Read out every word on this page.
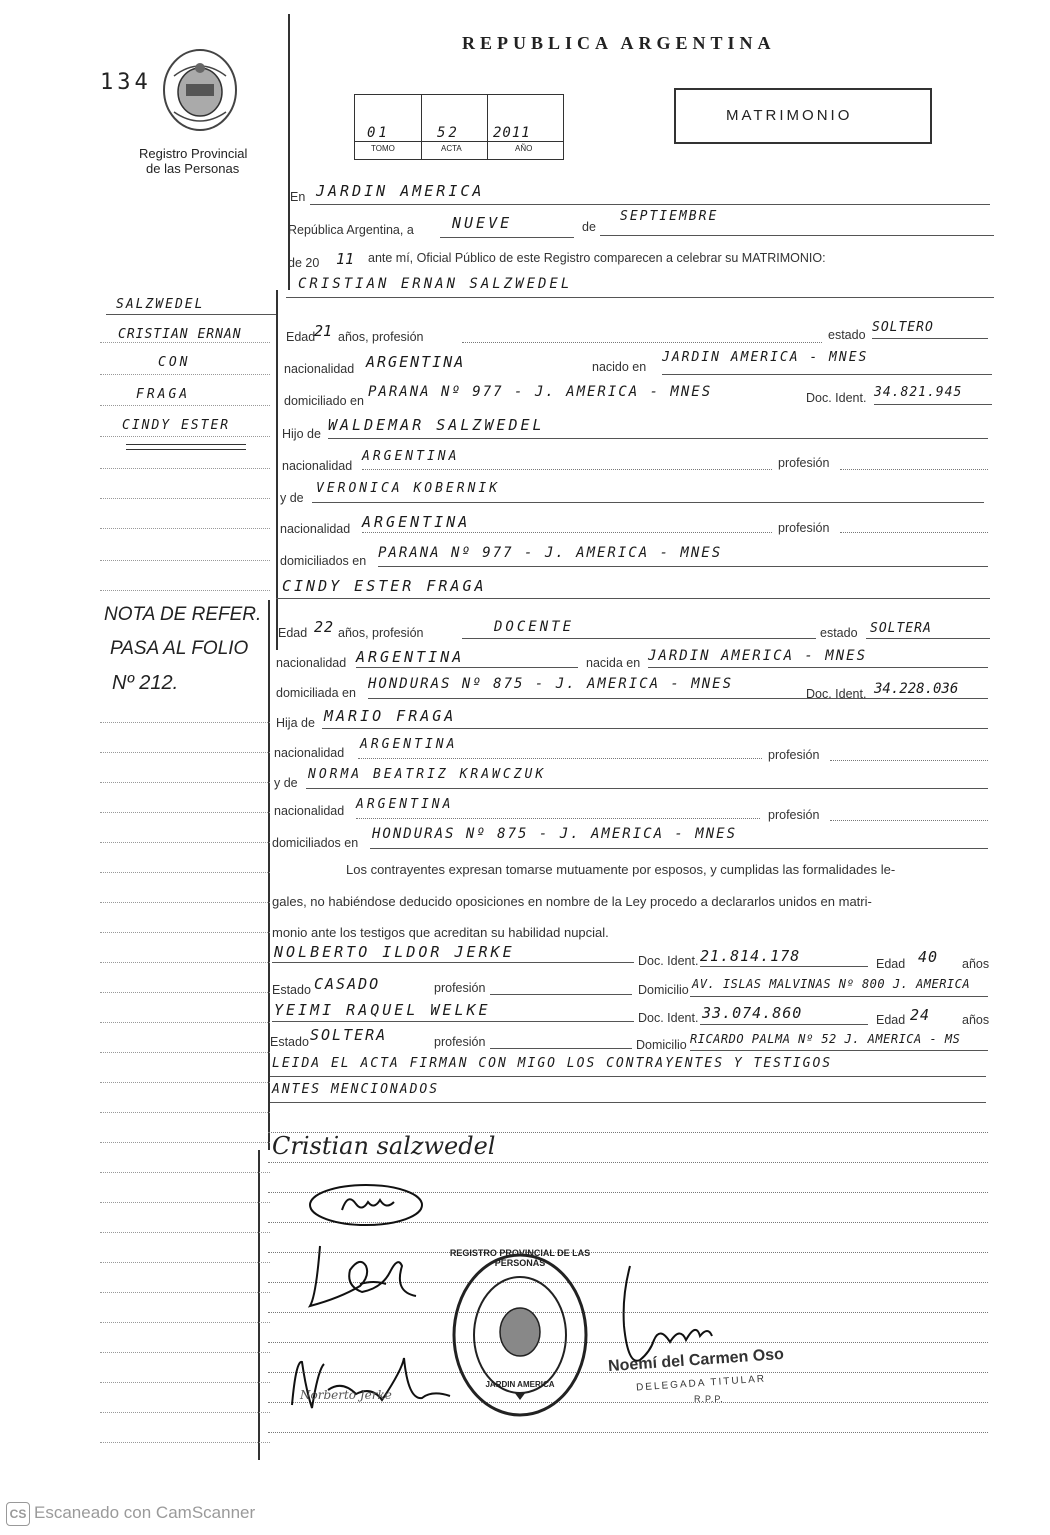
REPUBLICA ARGENTINA
134
Registro Provincial
de las Personas
01	52 2011
TOMO	ACTA	AÑO
MATRIMONIO
En JARDIN AMERICA
República Argentina, a	NUEVE	de
SEPTIEMBRE
de 20 11 ante mí, Oficial Público de este Registro comparecen a celebrar su MATRIMONIO:
CRISTIAN ERNAN SALZWEDEL
SALZWEDEL
CRISTIAN ERNAN
CON
FRAGA
CINDY ESTER
NOTA DE REFER.
PASA AL FOLIO
Nº 212.
Edad
21 años, profesión	estado SOLTERO
nacionalidad ARGENTINA	nacido en
JARDIN AMERICA - MNES
domiciliado en
PARANA Nº 977 - J. AMERICA - MNES	Doc. Ident. 34.821.945
Hijo de WALDEMAR SALZWEDEL
nacionalidad
ARGENTINA	profesión
y de
VERONICA KOBERNIK
nacionalidad ARGENTINA	profesión
domiciliados en PARANA Nº 977 - J. AMERICA - MNES
CINDY ESTER FRAGA
Edad 22 años, profesión	DOCENTE	estado SOLTERA
nacionalidad ARGENTINA	nacida en JARDIN AMERICA - MNES
domiciliada en
HONDURAS Nº 875 - J. AMERICA - MNES
Doc. Ident. 34.228.036
Hija de MARIO FRAGA
nacionalidad
ARGENTINA
profesión
y de
NORMA BEATRIZ KRAWCZUK
nacionalidad ARGENTINA
profesión
domiciliados en
HONDURAS Nº 875 - J. AMERICA - MNES
Los contrayentes expresan tomarse mutuamente por esposos, y cumplidas las formalidades le-
gales, no habiéndose deducido oposiciones en nombre de la Ley procedo a declararlos unidos en matri-
monio ante los testigos que acreditan su habilidad nupcial.
NOLBERTO ILDOR JERKE	Doc. Ident. 21.814.178	Edad 40 años
Estado CASADO	profesión	Domicilio AV. ISLAS MALVINAS Nº 800 J. AMERICA
YEIMI RAQUEL WELKE	Doc. Ident. 33.074.860	Edad 24	años
Estado SOLTERA	profesión	Domicilio RICARDO PALMA Nº 52 J. AMERICA - MS
LEIDA EL ACTA FIRMAN CON MIGO LOS CONTRAYENTES Y TESTIGOS
ANTES MENCIONADOS
Cristian salzwedel
Norberto Jerke
REGISTRO PROVINCIAL DE LAS PERSONAS
JARDIN AMERICA
Noemí del Carmen Oso
DELEGADA TITULAR
R.P.P.
CS Escaneado con CamScanner
